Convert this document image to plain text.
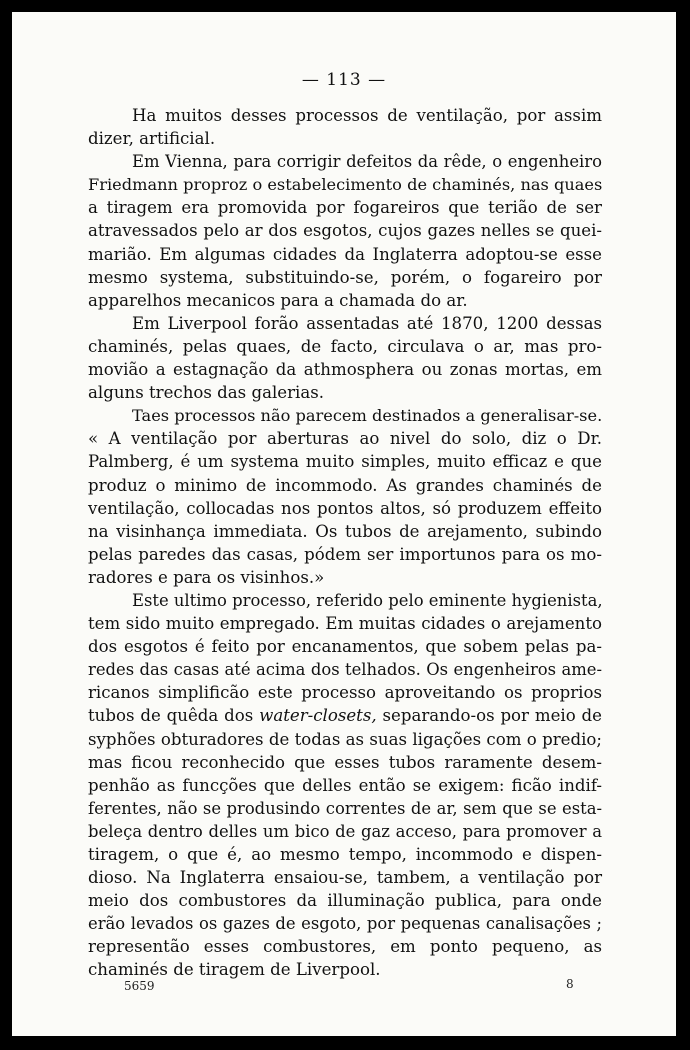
— 113 —
Ha muitos desses processos de ventilação, por assim
dizer, artificial.
Em Vienna, para corrigir defeitos da rêde, o engenheiro
Friedmann proproz o estabelecimento de chaminés, nas quaes
a tiragem era promovida por fogareiros que terião de ser
atravessados pelo ar dos esgotos, cujos gazes nelles se quei-
marião. Em algumas cidades da Inglaterra adoptou-se esse
mesmo systema, substituindo-se, porém, o fogareiro por
apparelhos mecanicos para a chamada do ar.
Em Liverpool forão assentadas até 1870, 1200 dessas
chaminés, pelas quaes, de facto, circulava o ar, mas pro-
movião a estagnação da athmosphera ou zonas mortas, em
alguns trechos das galerias.
Taes processos não parecem destinados a generalisar-se.
« A ventilação por aberturas ao nivel do solo, diz o Dr.
Palmberg, é um systema muito simples, muito efficaz e que
produz o minimo de incommodo. As grandes chaminés de
ventilação, collocadas nos pontos altos, só produzem effeito
na visinhança immediata. Os tubos de arejamento, subindo
pelas paredes das casas, pódem ser importunos para os mo-
radores e para os visinhos.»
Este ultimo processo, referido pelo eminente hygienista,
tem sido muito empregado. Em muitas cidades o arejamento
dos esgotos é feito por encanamentos, que sobem pelas pa-
redes das casas até acima dos telhados. Os engenheiros ame-
ricanos simplificão este processo aproveitando os proprios
tubos de quêda dos water-closets, separando-os por meio de
syphões obturadores de todas as suas ligações com o predio;
mas ficou reconhecido que esses tubos raramente desem-
penhão as funcções que delles então se exigem: ficão indif-
ferentes, não se produsindo correntes de ar, sem que se esta-
beleça dentro delles um bico de gaz acceso, para promover a
tiragem, o que é, ao mesmo tempo, incommodo e dispen-
dioso. Na Inglaterra ensaiou-se, tambem, a ventilação por
meio dos combustores da illuminação publica, para onde
erão levados os gazes de esgoto, por pequenas canalisações ;
representão esses combustores, em ponto pequeno, as
chaminés de tiragem de Liverpool.
5659	8
